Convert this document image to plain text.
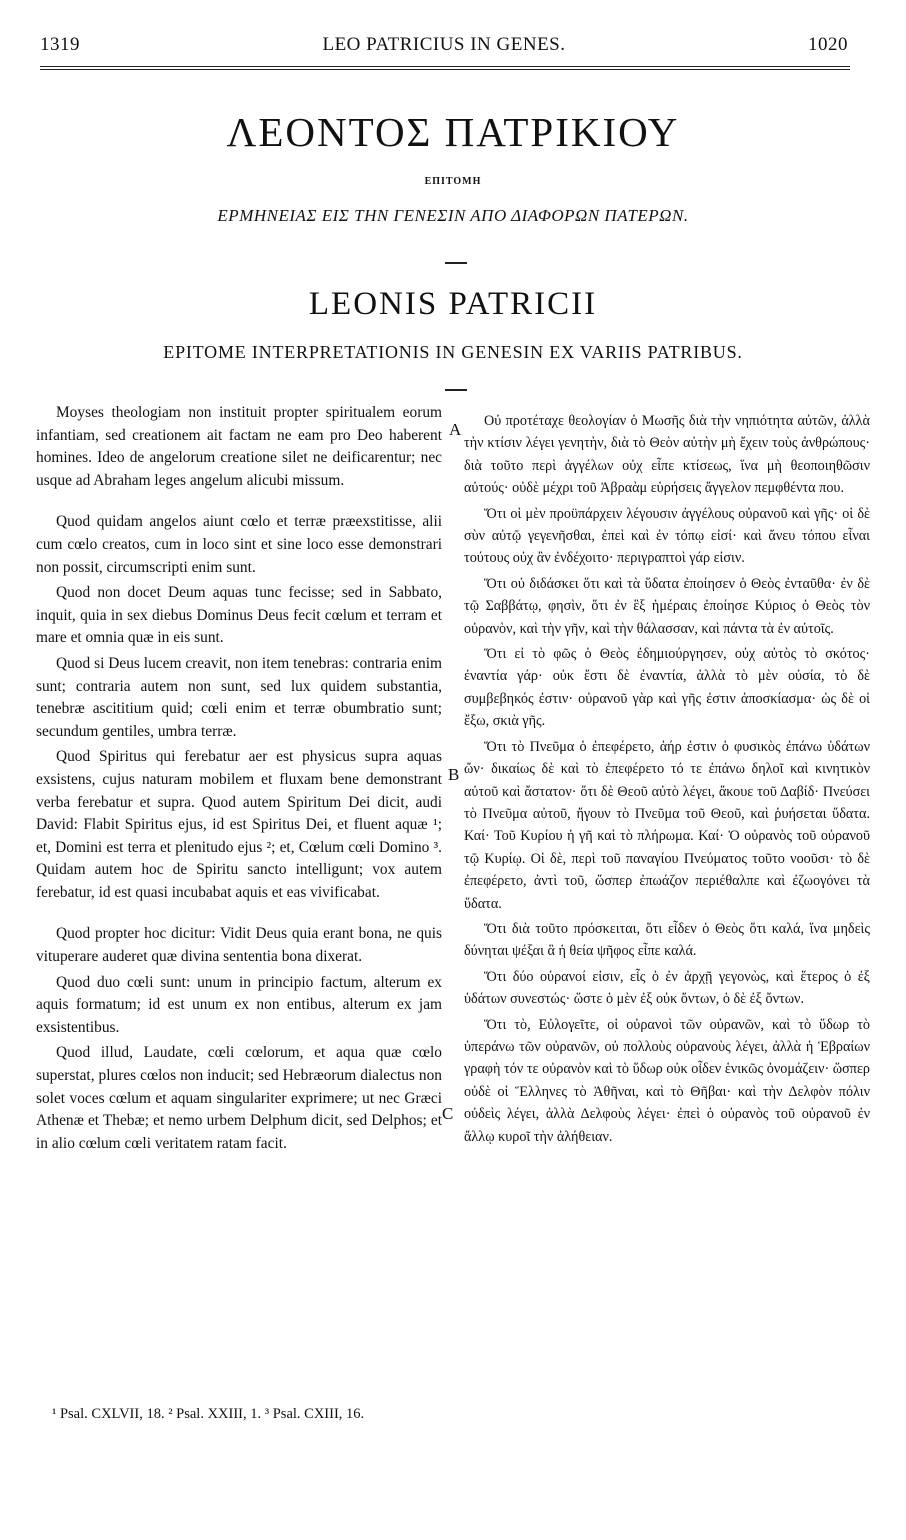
1319	LEO PATRICIUS IN GENES.	1020
ΛΕΟΝΤΟΣ ΠΑΤΡΙΚΙΟΥ
ΕΠΙΤΟΜΗ
ΕΡΜΗΝΕΙΑΣ ΕΙΣ ΤΗΝ ΓΕΝΕΣΙΝ ΑΠΟ ΔΙΑΦΟΡΩΝ ΠΑΤΕΡΩΝ.
LEONIS PATRICII
EPITOME INTERPRETATIONIS IN GENESIN EX VARIIS PATRIBUS.

Moyses theologiam non instituit propter spiritualem eorum infantiam, sed creationem ait factam ne eam pro Deo haberent homines. Ideo de angelorum creatione silet ne deificarentur; nec usque ad Abraham leges angelum alicubi missum.

Quod quidam angelos aiunt cœlo et terræ præexstitisse, alii cum cœlo creatos, cum in loco sint et sine loco esse demonstrari non possit, circumscripti enim sunt.

Quod non docet Deum aquas tunc fecisse; sed in Sabbato, inquit, quia in sex diebus Dominus Deus fecit cœlum et terram et mare et omnia quæ in eis sunt.

Quod si Deus lucem creavit, non item tenebras: contraria enim sunt; contraria autem non sunt, sed lux quidem substantia, tenebræ ascititium quid; cœli enim et terræ obumbratio sunt; secundum gentiles, umbra terræ.

Quod Spiritus qui ferebatur aer est physicus supra aquas exsistens, cujus naturam mobilem et fluxam bene demonstrant verba ferebatur et supra. Quod autem Spiritum Dei dicit, audi David: Flabit Spiritus ejus, id est Spiritus Dei, et fluent aquæ ¹; et, Domini est terra et plenitudo ejus ²; et, Cœlum cœli Domino ³. Quidam autem hoc de Spiritu sancto intelligunt; vox autem ferebatur, id est quasi incubabat aquis et eas vivificabat.

Quod propter hoc dicitur: Vidit Deus quia erant bona, ne quis vituperare auderet quæ divina sententia bona dixerat.

Quod duo cœli sunt: unum in principio factum, alterum ex aquis formatum; id est unum ex non entibus, alterum ex jam exsistentibus.

Quod illud, Laudate, cœli cœlorum, et aqua quæ cœlo superstat, plures cœlos non inducit; sed Hebræorum dialectus non solet voces cœlum et aquam singulariter exprimere; ut nec Græci Athenæ et Thebæ; et nemo urbem Delphum dicit, sed Delphos; et in alio cœlum cœli veritatem ratam facit.

A
B
C

Οὐ προτέταχε θεολογίαν ὁ Μωσῆς διὰ τὴν νηπιότητα αὐτῶν, ἀλλὰ τὴν κτίσιν λέγει γενητὴν, διὰ τὸ Θεὸν αὐτὴν μὴ ἔχειν τοὺς ἀνθρώπους· διὰ τοῦτο περὶ ἀγγέλων οὐχ εἶπε κτίσεως, ἵνα μὴ θεοποιηθῶσιν αὐτούς· οὐδὲ μέχρι τοῦ Ἀβραὰμ εὑρήσεις ἄγγελον πεμφθέντα που.

Ὅτι οἱ μὲν προϋπάρχειν λέγουσιν ἀγγέλους οὐρανοῦ καὶ γῆς· οἱ δὲ σὺν αὐτῷ γεγενῆσθαι, ἐπεὶ καὶ ἐν τόπῳ εἰσί· καὶ ἄνευ τόπου εἶναι τούτους οὐχ ἂν ἐνδέχοιτο· περιγραπτοὶ γάρ εἰσιν.

Ὅτι οὐ διδάσκει ὅτι καὶ τὰ ὕδατα ἐποίησεν ὁ Θεὸς ἐνταῦθα· ἐν δὲ τῷ Σαββάτῳ, φησὶν, ὅτι ἐν ἓξ ἡμέραις ἐποίησε Κύριος ὁ Θεὸς τὸν οὐρανὸν, καὶ τὴν γῆν, καὶ τὴν θάλασσαν, καὶ πάντα τὰ ἐν αὐτοῖς.

Ὅτι εἰ τὸ φῶς ὁ Θεὸς ἐδημιούργησεν, οὐχ αὐτὸς τὸ σκότος· ἐναντία γάρ· οὐκ ἔστι δὲ ἐναντία, ἀλλὰ τὸ μὲν οὐσία, τὸ δὲ συμβεβηκός ἐστιν· οὐρανοῦ γὰρ καὶ γῆς ἐστιν ἀποσκίασμα· ὡς δὲ οἱ ἔξω, σκιὰ γῆς.

Ὅτι τὸ Πνεῦμα ὁ ἐπεφέρετο, ἀήρ ἐστιν ὁ φυσικὸς ἐπάνω ὑδάτων ὤν· δικαίως δὲ καὶ τὸ ἐπεφέρετο τό τε ἐπάνω δηλοῖ καὶ κινητικὸν αὐτοῦ καὶ ἄστατον· ὅτι δὲ Θεοῦ αὐτὸ λέγει, ἄκουε τοῦ Δαβίδ· Πνεύσει τὸ Πνεῦμα αὐτοῦ, ἤγουν τὸ Πνεῦμα τοῦ Θεοῦ, καὶ ῥυήσεται ὕδατα. Καί· Τοῦ Κυρίου ἡ γῆ καὶ τὸ πλήρωμα. Καί· Ὁ οὐρανὸς τοῦ οὐρανοῦ τῷ Κυρίῳ. Οἱ δὲ, περὶ τοῦ παναγίου Πνεύματος τοῦτο νοοῦσι· τὸ δὲ ἐπεφέρετο, ἀντὶ τοῦ, ὥσπερ ἐπωάζον περιέθαλπε καὶ ἐζωογόνει τὰ ὕδατα.

Ὅτι διὰ τοῦτο πρόσκειται, ὅτι εἶδεν ὁ Θεὸς ὅτι καλά, ἵνα μηδεὶς δύνηται ψέξαι ἃ ἡ θεία ψῆφος εἶπε καλά.

Ὅτι δύο οὐρανοί εἰσιν, εἷς ὁ ἐν ἀρχῇ γεγονὼς, καὶ ἕτερος ὁ ἐξ ὑδάτων συνεστώς· ὥστε ὁ μὲν ἐξ οὐκ ὄντων, ὁ δὲ ἐξ ὄντων.

Ὅτι τὸ, Εὐλογεῖτε, οἱ οὐρανοὶ τῶν οὐρανῶν, καὶ τὸ ὕδωρ τὸ ὑπεράνω τῶν οὐρανῶν, οὐ πολλοὺς οὐρανοὺς λέγει, ἀλλὰ ἡ Ἑβραίων γραφὴ τόν τε οὐρανὸν καὶ τὸ ὕδωρ οὐκ οἶδεν ἑνικῶς ὀνομάζειν· ὥσπερ οὐδὲ οἱ Ἕλληνες τὸ Ἀθῆναι, καὶ τὸ Θῆβαι· καὶ τὴν Δελφὸν πόλιν οὐδεὶς λέγει, ἀλλὰ Δελφοὺς λέγει· ἐπεὶ ὁ οὐρανὸς τοῦ οὐρανοῦ ἐν ἄλλῳ κυροῖ τὴν ἀλήθειαν.

¹ Psal. CXLVII, 18. ² Psal. XXIII, 1. ³ Psal. CXIII, 16.
